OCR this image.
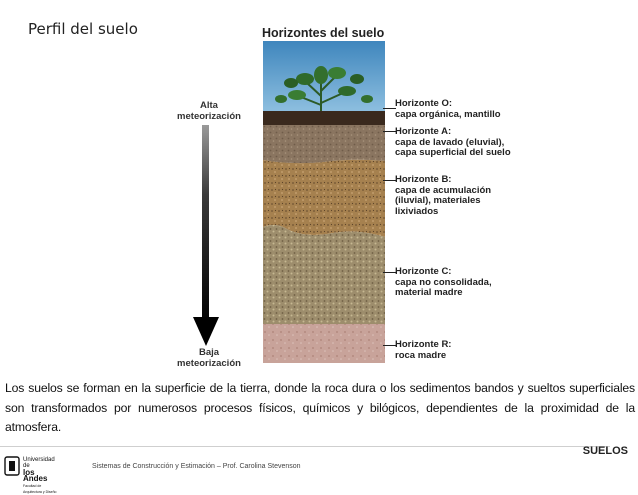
Perfil del suelo	Horizontes del suelo
Alta
meteorización
Baja
meteorización
Horizonte O:
capa orgánica, mantillo
Horizonte A:
capa de lavado (eluvial), capa superficial del suelo
Horizonte B:
capa de acumulación (iluvial), materiales lixiviados
Horizonte C:
capa no consolidada, material madre
Horizonte R:
roca madre
Los suelos se forman en la superficie de la tierra, donde la roca dura o los sedimentos bandos y sueltos superficiales son transformados por numerosos procesos físicos, químicos y bilógicos, dependientes de la proximidad de la atmosfera.
SUELOS
Universidad de
los Andes
Facultad de Arquitectura y Diseño
Sistemas de Construcción y Estimación – Prof. Carolina Stevenson
